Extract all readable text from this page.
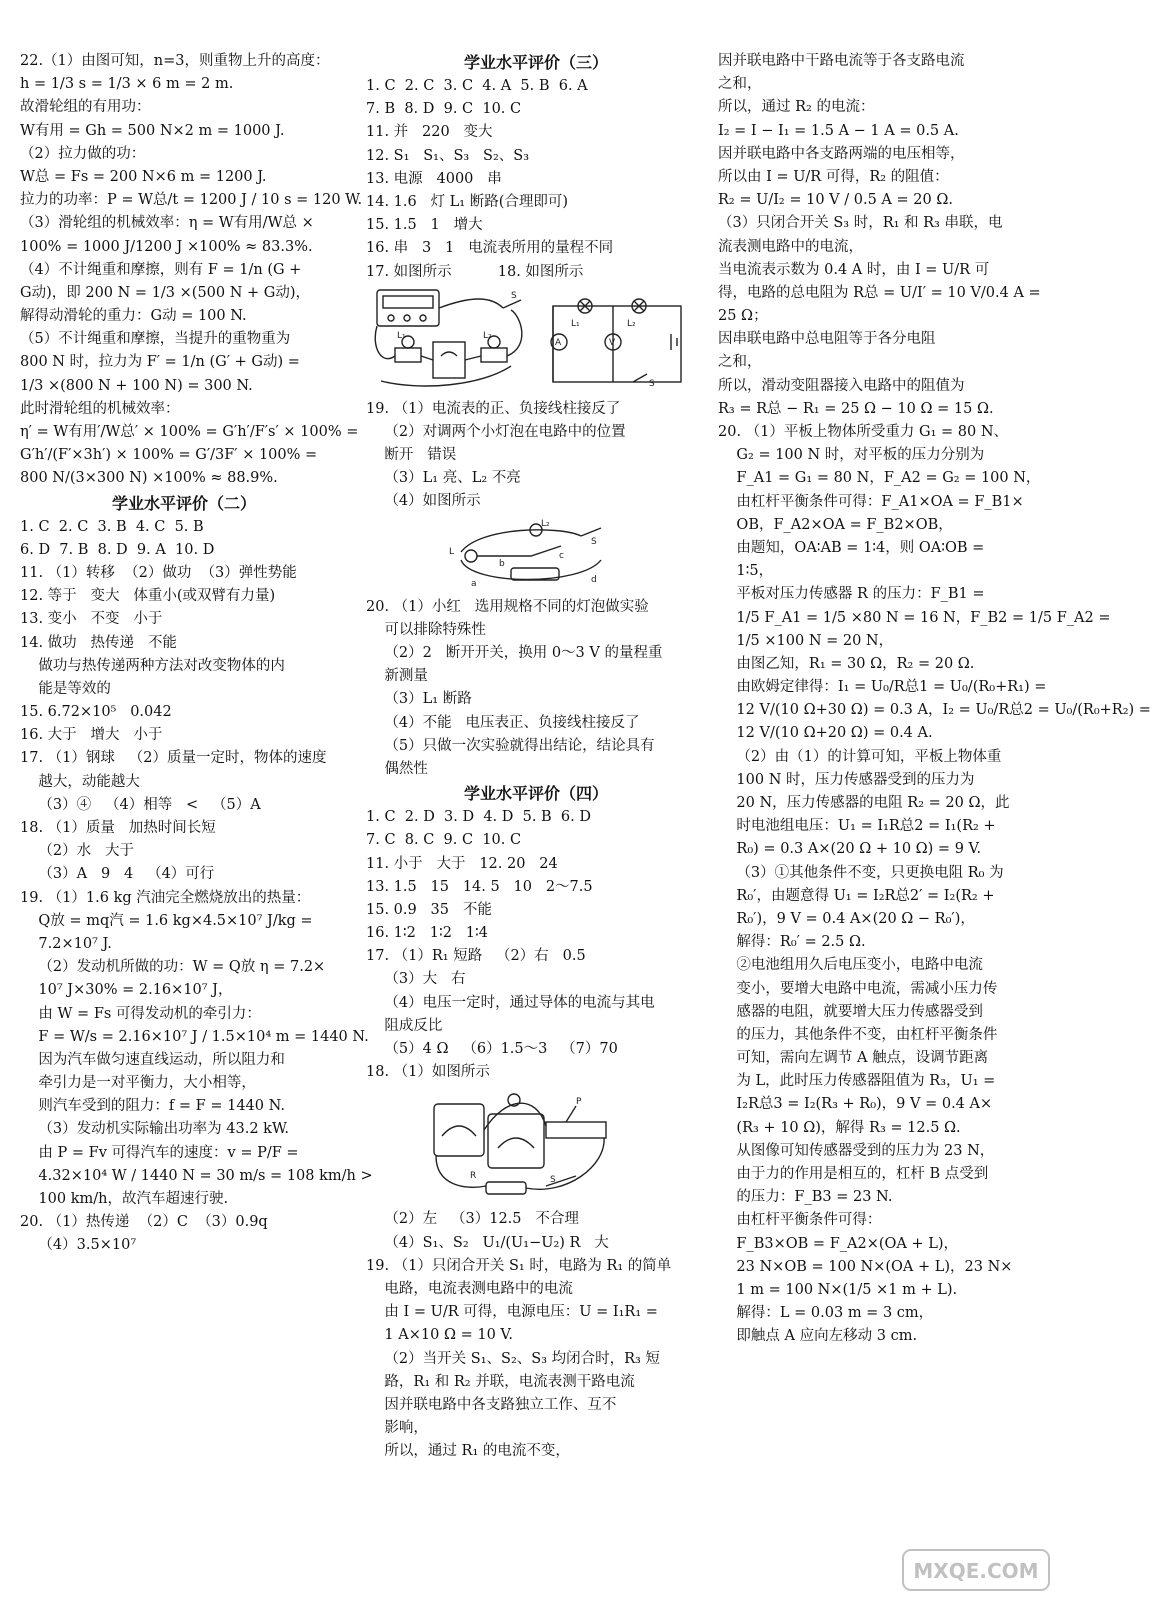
22.（1）由图可知，n=3，则重物上升的高度：
h = 1/3 s = 1/3 × 6 m = 2 m.
故滑轮组的有用功：
W有用 = Gh = 500 N×2 m = 1000 J.
（2）拉力做的功：
W总 = Fs = 200 N×6 m = 1200 J.
拉力的功率：P = W总/t = 1200 J / 10 s = 120 W.
（3）滑轮组的机械效率：η = W有用/W总 ×
100% = 1000 J/1200 J ×100% ≈ 83.3%.
（4）不计绳重和摩擦，则有 F = 1/n (G +
G动)，即 200 N = 1/3 ×(500 N + G动)，
解得动滑轮的重力：G动 = 100 N.
（5）不计绳重和摩擦，当提升的重物重为
800 N 时，拉力为 F′ = 1/n (G′ + G动) =
1/3 ×(800 N + 100 N) = 300 N.
此时滑轮组的机械效率：
η′ = W有用′/W总′ × 100% = G′h′/F′s′ × 100% =
G′h′/(F′×3h′) × 100% = G′/3F′ × 100% =
800 N/(3×300 N) ×100% ≈ 88.9%.
学业水平评价（二）
1. C  2. C  3. B  4. C  5. B
6. D  7. B  8. D  9. A  10. D
11. （1）转移  （2）做功  （3）弹性势能
12. 等于   变大   体重小(或双臂有力量)
13. 变小   不变   小于
14. 做功   热传递   不能
做功与热传递两种方法对改变物体的内
能是等效的
15. 6.72×10⁵   0.042
16. 大于   增大   小于
17. （1）钢球   （2）质量一定时，物体的速度
越大，动能越大
（3）④   （4）相等   <   （5）A
18. （1）质量   加热时间长短
（2）水   大于
（3）A   9   4   （4）可行
19. （1）1.6 kg 汽油完全燃烧放出的热量：
Q放 = mq汽 = 1.6 kg×4.5×10⁷ J/kg =
7.2×10⁷ J.
（2）发动机所做的功：W = Q放 η = 7.2×
10⁷ J×30% = 2.16×10⁷ J，
由 W = Fs 可得发动机的牵引力：
F = W/s = 2.16×10⁷ J / 1.5×10⁴ m = 1440 N.
因为汽车做匀速直线运动，所以阻力和
牵引力是一对平衡力，大小相等，
则汽车受到的阻力：f = F = 1440 N.
（3）发动机实际输出功率为 43.2 kW.
由 P = Fv 可得汽车的速度：v = P/F =
4.32×10⁴ W / 1440 N = 30 m/s = 108 km/h >
100 km/h，故汽车超速行驶.
20. （1）热传递  （2）C  （3）0.9q
（4）3.5×10⁷
学业水平评价（三）
1. C  2. C  3. C  4. A  5. B  6. A
7. B  8. D  9. C  10. C
11. 并   220   变大
12. S₁   S₁、S₃   S₂、S₃
13. 电源   4000   串
14. 1.6   灯 L₁ 断路(合理即可)
15. 1.5   1   增大
16. 串   3   1   电流表所用的量程不同
17. 如图所示          18. 如图所示
A	V
L₁	L₂
S
S
L₁	L₂
19. （1）电流表的正、负接线柱接反了
（2）对调两个小灯泡在电路中的位置
断开   错误
（3）L₁ 亮、L₂ 不亮
（4）如图所示
L
L₂
b
c
a	d
S
20. （1）小红   选用规格不同的灯泡做实验
可以排除特殊性
（2）2   断开开关，换用 0～3 V 的量程重
新测量
（3）L₁ 断路
（4）不能   电压表正、负接线柱接反了
（5）只做一次实验就得出结论，结论具有
偶然性
学业水平评价（四）
1. C  2. D  3. D  4. D  5. B  6. D
7. C  8. C  9. C  10. C
11. 小于   大于   12. 20   24
13. 1.5   15   14. 5   10   2～7.5
15. 0.9   35   不能
16. 1∶2   1∶2   1∶4
17. （1）R₁ 短路   （2）右   0.5
（3）大   右
（4）电压一定时，通过导体的电流与其电
阻成反比
（5）4 Ω   （6）1.5～3   （7）70
18. （1）如图所示
P
S
R
（2）左   （3）12.5   不合理
（4）S₁、S₂   U₁/(U₁−U₂) R   大
19. （1）只闭合开关 S₁ 时，电路为 R₁ 的简单
电路，电流表测电路中的电流
由 I = U/R 可得，电源电压：U = I₁R₁ =
1 A×10 Ω = 10 V.
（2）当开关 S₁、S₂、S₃ 均闭合时，R₃ 短
路，R₁ 和 R₂ 并联，电流表测干路电流
因并联电路中各支路独立工作、互不
影响，
所以，通过 R₁ 的电流不变，
因并联电路中干路电流等于各支路电流
之和，
所以，通过 R₂ 的电流：
I₂ = I − I₁ = 1.5 A − 1 A = 0.5 A.
因并联电路中各支路两端的电压相等，
所以由 I = U/R 可得，R₂ 的阻值：
R₂ = U/I₂ = 10 V / 0.5 A = 20 Ω.
（3）只闭合开关 S₃ 时，R₁ 和 R₃ 串联，电
流表测电路中的电流，
当电流表示数为 0.4 A 时，由 I = U/R 可
得，电路的总电阻为 R总 = U/I′ = 10 V/0.4 A =
25 Ω；
因串联电路中总电阻等于各分电阻
之和，
所以，滑动变阻器接入电路中的阻值为
R₃ = R总 − R₁ = 25 Ω − 10 Ω = 15 Ω.
20. （1）平板上物体所受重力 G₁ = 80 N、
G₂ = 100 N 时，对平板的压力分别为
F_A1 = G₁ = 80 N，F_A2 = G₂ = 100 N，
由杠杆平衡条件可得：F_A1×OA = F_B1×
OB，F_A2×OA = F_B2×OB，
由题知，OA∶AB = 1∶4，则 OA∶OB =
1∶5，
平板对压力传感器 R 的压力：F_B1 =
1/5 F_A1 = 1/5 ×80 N = 16 N，F_B2 = 1/5 F_A2 =
1/5 ×100 N = 20 N，
由图乙知，R₁ = 30 Ω，R₂ = 20 Ω.
由欧姆定律得：I₁ = U₀/R总1 = U₀/(R₀+R₁) =
12 V/(10 Ω+30 Ω) = 0.3 A，I₂ = U₀/R总2 = U₀/(R₀+R₂) =
12 V/(10 Ω+20 Ω) = 0.4 A.
（2）由（1）的计算可知，平板上物体重
100 N 时，压力传感器受到的压力为
20 N，压力传感器的电阻 R₂ = 20 Ω，此
时电池组电压：U₁ = I₁R总2 = I₁(R₂ +
R₀) = 0.3 A×(20 Ω + 10 Ω) = 9 V.
（3）①其他条件不变，只更换电阻 R₀ 为
R₀′，由题意得 U₁ = I₂R总2′ = I₂(R₂ +
R₀′)，9 V = 0.4 A×(20 Ω − R₀′)，
解得：R₀′ = 2.5 Ω.
②电池组用久后电压变小，电路中电流
变小，要增大电路中电流，需减小压力传
感器的电阻，就要增大压力传感器受到
的压力，其他条件不变，由杠杆平衡条件
可知，需向左调节 A 触点，设调节距离
为 L，此时压力传感器阻值为 R₃，U₁ =
I₂R总3 = I₂(R₃ + R₀)，9 V = 0.4 A×
(R₃ + 10 Ω)，解得 R₃ = 12.5 Ω.
从图像可知传感器受到的压力为 23 N，
由于力的作用是相互的，杠杆 B 点受到
的压力：F_B3 = 23 N.
由杠杆平衡条件可得：
F_B3×OB = F_A2×(OA + L)，
23 N×OB = 100 N×(OA + L)，23 N×
1 m = 100 N×(1/5 ×1 m + L).
解得：L = 0.03 m = 3 cm，
即触点 A 应向左移动 3 cm.
MXQE.COM
